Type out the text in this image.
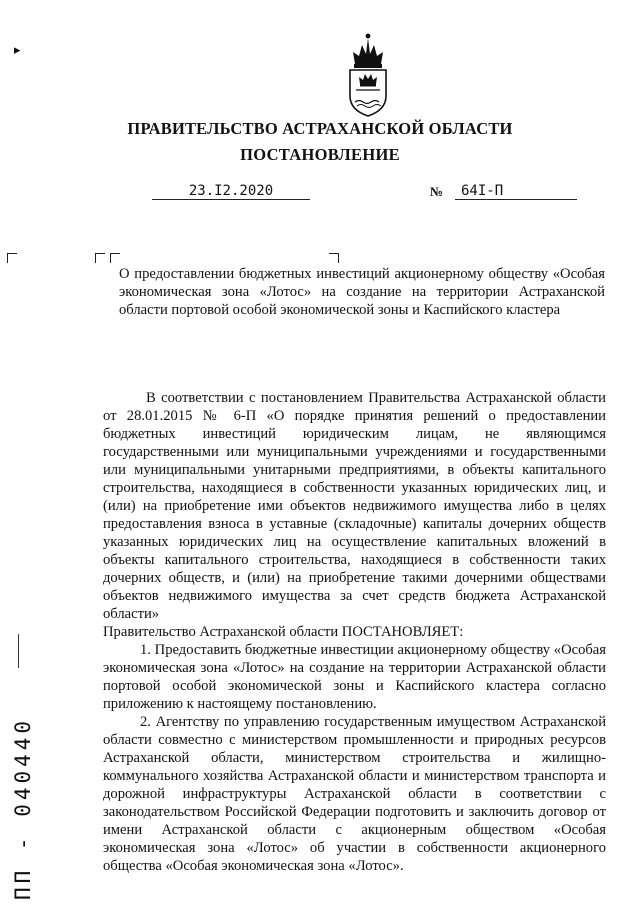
ПРАВИТЕЛЬСТВО АСТРАХАНСКОЙ ОБЛАСТИ
ПОСТАНОВЛЕНИЕ
23.I2.2020	№	64I-П
О предоставлении бюджетных инвестиций акционерному обществу «Особая экономическая зона «Лотос» на создание на территории Астраханской области портовой особой экономической зоны и Каспийского кластера

В соответствии с постановлением Правительства Астраханской области от 28.01.2015 № 6-П «О порядке принятия решений о предоставлении бюджетных инвестиций юридическим лицам, не являющимся государственными или муниципальными учреждениями и государственными или муниципальными унитарными предприятиями, в объекты капитального строительства, находящиеся в собственности указанных юридических лиц, и (или) на приобретение ими объектов недвижимого имущества либо в целях предоставления взноса в уставные (складочные) капиталы дочерних обществ указанных юридических лиц на осуществление капитальных вложений в объекты капитального строительства, находящиеся в собственности таких дочерних обществ, и (или) на приобретение такими дочерними обществами объектов недвижимого имущества за счет средств бюджета Астраханской области»

Правительство Астраханской области ПОСТАНОВЛЯЕТ:

1. Предоставить бюджетные инвестиции акционерному обществу «Особая экономическая зона «Лотос» на создание на территории Астраханской области портовой особой экономической зоны и Каспийского кластера согласно приложению к настоящему постановлению.

2. Агентству по управлению государственным имуществом Астраханской области совместно с министерством промышленности и природных ресурсов Астраханской области, министерством строительства и жилищно-коммунального хозяйства Астраханской области и министерством транспорта и дорожной инфраструктуры Астраханской области в соответствии с законодательством Российской Федерации подготовить и заключить договор от имени Астраханской области с акционерным обществом «Особая экономическая зона «Лотос» об участии в собственности акционерного общества «Особая экономическая зона «Лотос».

▸
ПП - 040440
